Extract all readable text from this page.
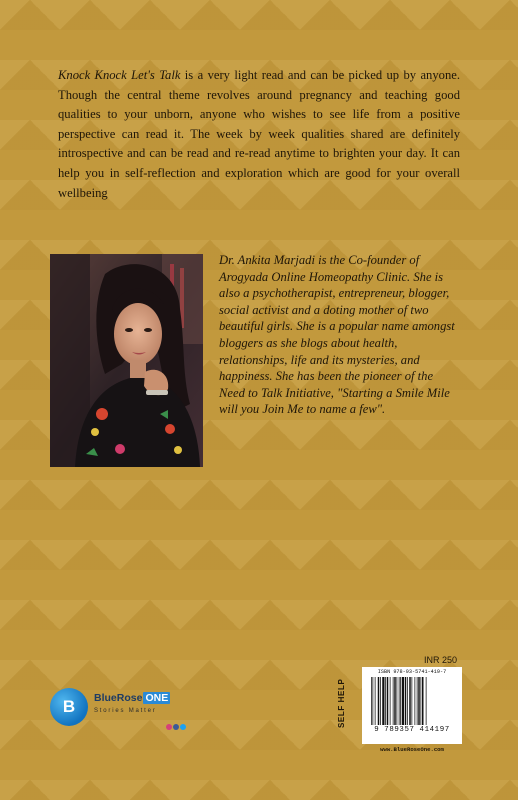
Knock Knock Let's Talk is a very light read and can be picked up by anyone. Though the central theme revolves around pregnancy and teaching good qualities to your unborn, anyone who wishes to see life from a positive perspective can read it. The week by week qualities shared are definitely introspective and can be read and re-read anytime to brighten your day. It can help you in self-reflection and exploration which are good for your overall wellbeing

Dr. Ankita Marjadi is the Co-founder of Arogyada Online Homeopathy Clinic. She is also a psychotherapist, entrepreneur, blogger, social activist and a doting mother of two beautiful girls. She is a popular name amongst bloggers as she blogs about health, relationships, life and its mysteries, and happiness. She has been the pioneer of the Need to Talk Initiative, "Starting a Smile Mile will you Join Me to name a few".

INR 250
SELF HELP
ISBN 978-93-5741-419-7
9 789357 414197
www.BlueRoseOne.com
B	BlueRose ONE
Stories Matter
